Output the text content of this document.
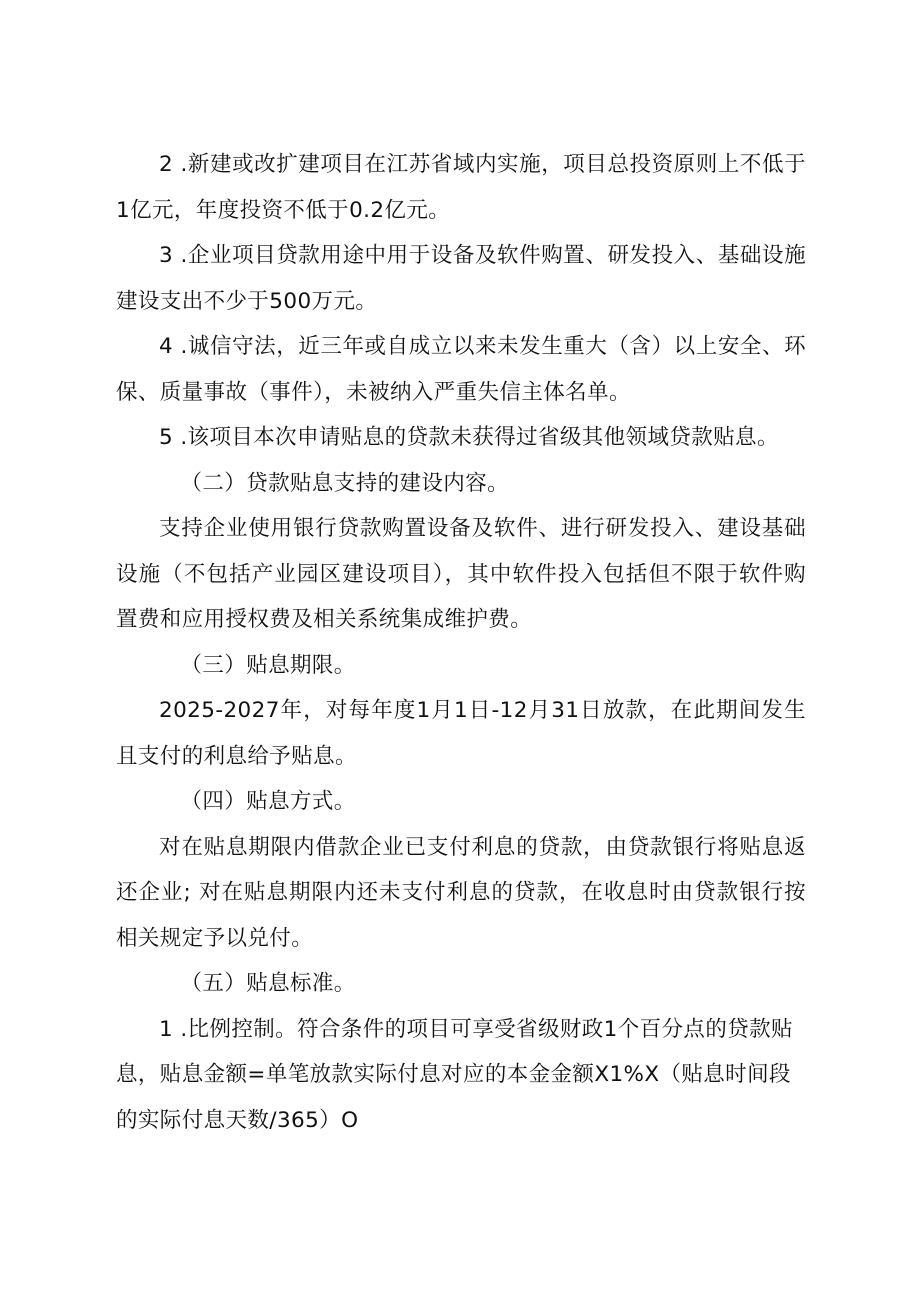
2 .新建或改扩建项目在江苏省域内实施，项目总投资原则上不低于1亿元，年度投资不低于0.2亿元。

3 .企业项目贷款用途中用于设备及软件购置、研发投入、基础设施建设支出不少于500万元。

4 .诚信守法，近三年或自成立以来未发生重大（含）以上安全、环保、质量事故（事件），未被纳入严重失信主体名单。

5 .该项目本次申请贴息的贷款未获得过省级其他领域贷款贴息。

（二）贷款贴息支持的建设内容。

支持企业使用银行贷款购置设备及软件、进行研发投入、建设基础设施（不包括产业园区建设项目），其中软件投入包括但不限于软件购置费和应用授权费及相关系统集成维护费。

（三）贴息期限。

2025-2027年，对每年度1月1日-12月31日放款，在此期间发生且支付的利息给予贴息。

（四）贴息方式。

对在贴息期限内借款企业已支付利息的贷款，由贷款银行将贴息返还企业; 对在贴息期限内还未支付利息的贷款，在收息时由贷款银行按相关规定予以兑付。

（五）贴息标准。

1 .比例控制。符合条件的项目可享受省级财政1个百分点的贷款贴息，贴息金额=单笔放款实际付息对应的本金金额X1%X（贴息时间段的实际付息天数/365）O
